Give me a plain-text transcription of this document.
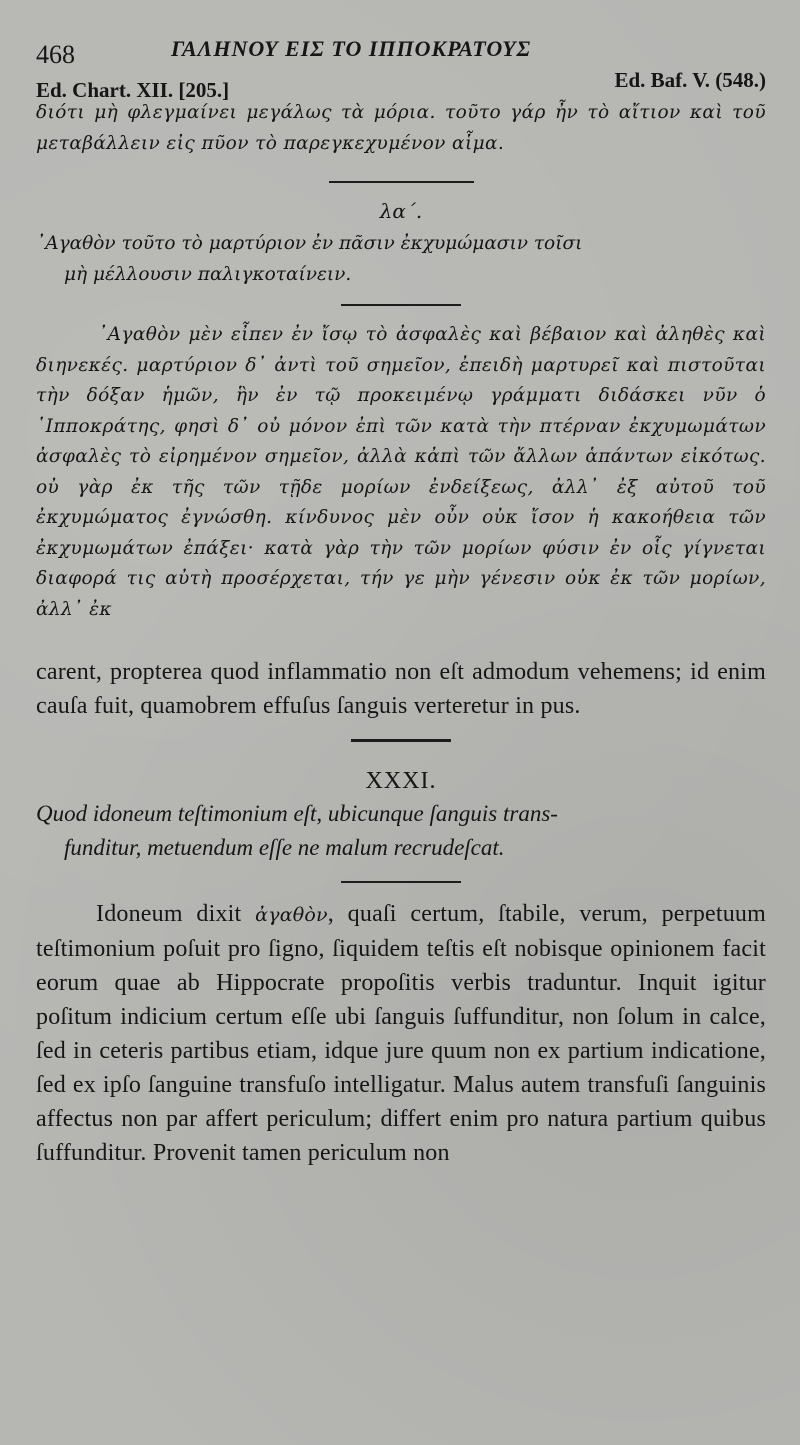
468	ΓΑΛΗΝΟΥ ΕΙΣ ΤΟ ΙΠΠΟΚΡΑΤΟΥΣ
Ed. Chart. XII. [205.]	Ed. Baf. V. (548.)

διότι μὴ φλεγμαίνει μεγάλως τὰ μόρια. τοῦτο γάρ ἦν τὸ αἴτιον καὶ τοῦ μεταβάλλειν εἰς πῦον τὸ παρεγκεχυμένον αἷμα.

λα΄.
᾿Αγαθὸν τοῦτο τὸ μαρτύριον ἐν πᾶσιν ἐκχυμώμασιν τοῖσι
μὴ μέλλουσιν παλιγκοταίνειν.

᾿Αγαθὸν μὲν εἶπεν ἐν ἴσῳ τὸ ἀσφαλὲς καὶ βέβαιον καὶ ἀληθὲς καὶ διηνεκές. μαρτύριον δ᾿ ἀντὶ τοῦ σημεῖον, ἐπειδὴ μαρτυρεῖ καὶ πιστοῦται τὴν δόξαν ἡμῶν, ἣν ἐν τῷ προκειμένῳ γράμματι διδάσκει νῦν ὁ ῾Ιπποκράτης, φησὶ δ᾿ οὐ μόνον ἐπὶ τῶν κατὰ τὴν πτέρναν ἐκχυμωμάτων ἀσφαλὲς τὸ εἰρημένον σημεῖον, ἀλλὰ κἀπὶ τῶν ἄλλων ἁπάντων εἰκότως. οὐ γὰρ ἐκ τῆς τῶν τῇδε μορίων ἐνδείξεως, ἀλλ᾿ ἐξ αὐτοῦ τοῦ ἐκχυμώματος ἐγνώσθη. κίνδυνος μὲν οὖν οὐκ ἴσον ἡ κακοήθεια τῶν ἐκχυμωμάτων ἐπάξει· κατὰ γὰρ τὴν τῶν μορίων φύσιν ἐν οἷς γίγνεται διαφορά τις αὐτὴ προσέρχεται, τήν γε μὴν γένεσιν οὐκ ἐκ τῶν μορίων, ἀλλ᾿ ἐκ

carent, propterea quod inflammatio non eſt admodum vehemens; id enim cauſa fuit, quamobrem effuſus ſanguis verteretur in pus.

XXXI.
Quod idoneum teſtimonium eſt, ubicunque ſanguis trans-
funditur, metuendum eſſe ne malum recrudeſcat.

Idoneum dixit ἀγαθὸν, quaſi certum, ſtabile, verum, perpetuum teſtimonium poſuit pro ſigno, ſiquidem teſtis eſt nobisque opinionem facit eorum quae ab Hippocrate propoſitis verbis traduntur. Inquit igitur poſitum indicium certum eſſe ubi ſanguis ſuffunditur, non ſolum in calce, ſed in ceteris partibus etiam, idque jure quum non ex partium indicatione, ſed ex ipſo ſanguine transfuſo intelligatur. Malus autem transfuſi ſanguinis affectus non par affert periculum; differt enim pro natura partium quibus ſuffunditur. Provenit tamen periculum non
